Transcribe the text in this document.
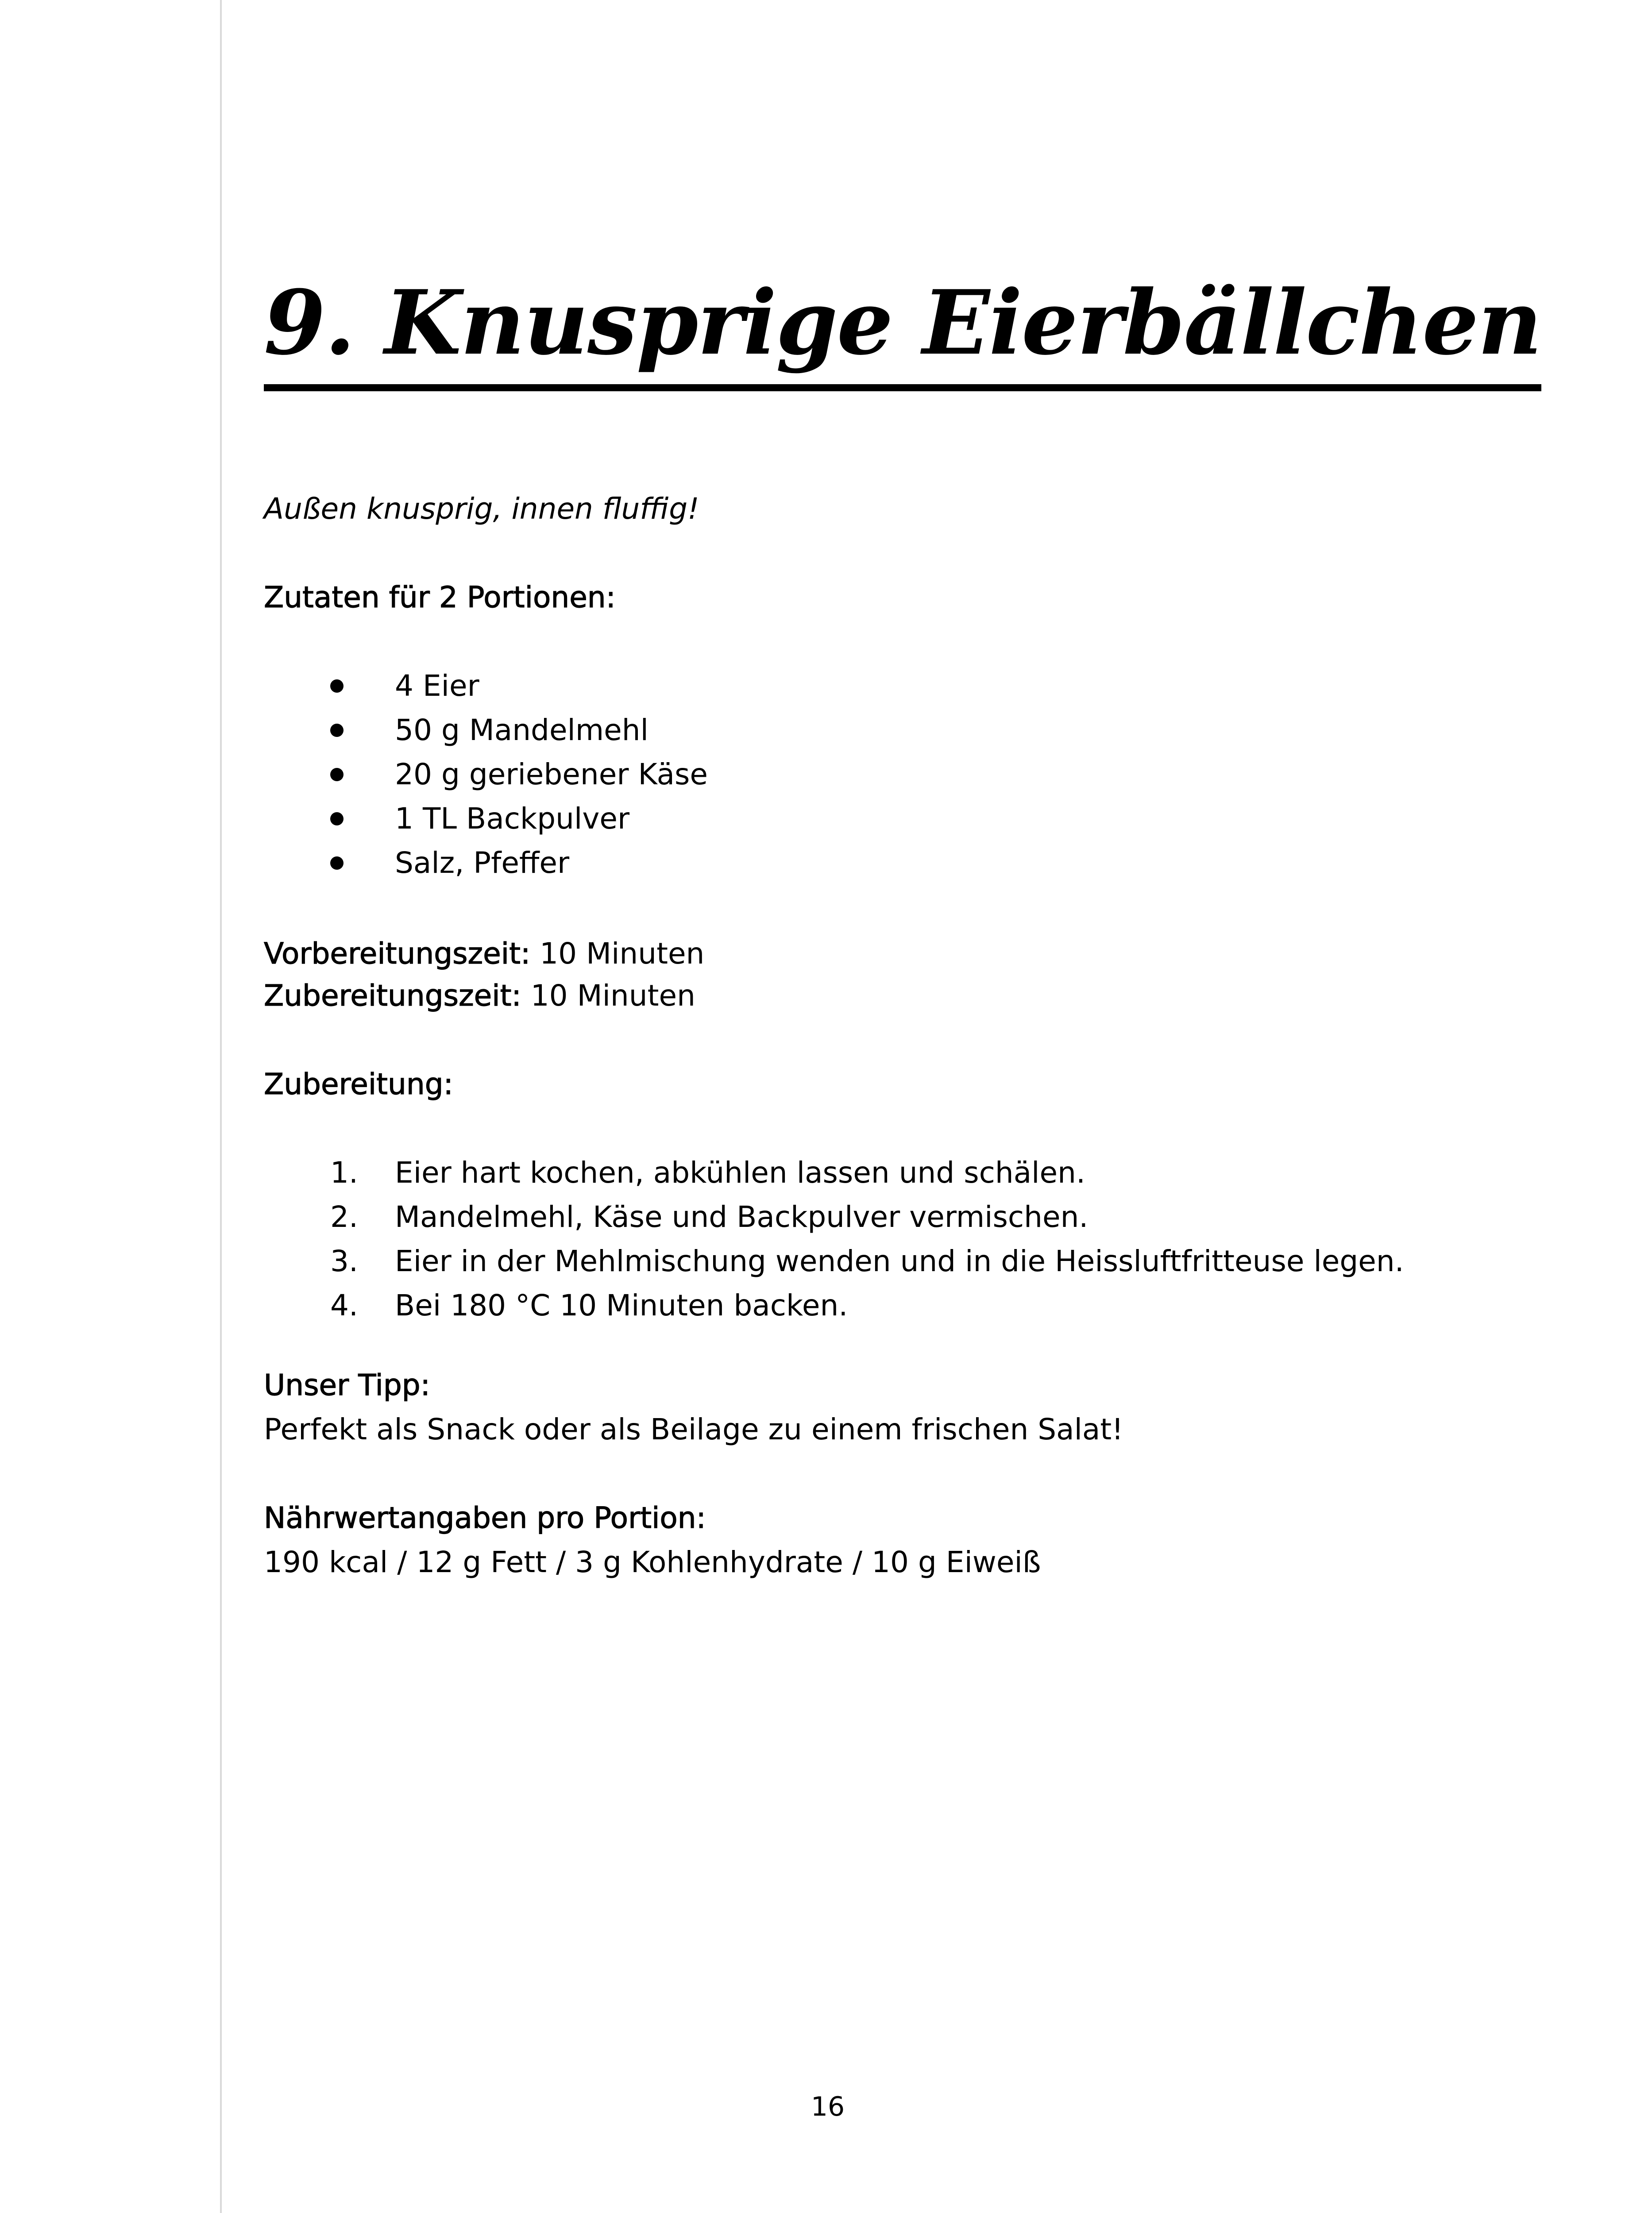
9. Knusprige Eierbällchen
Außen knusprig, innen fluffig!
Zutaten für 2 Portionen:
4 Eier
50 g Mandelmehl
20 g geriebener Käse
1 TL Backpulver
Salz, Pfeffer
Vorbereitungszeit: 10 Minuten
Zubereitungszeit: 10 Minuten
Zubereitung:
1. Eier hart kochen, abkühlen lassen und schälen.
2. Mandelmehl, Käse und Backpulver vermischen.
3. Eier in der Mehlmischung wenden und in die Heissluftfritteuse legen.
4. Bei 180 °C 10 Minuten backen.
Unser Tipp:
Perfekt als Snack oder als Beilage zu einem frischen Salat!
Nährwertangaben pro Portion:
190 kcal / 12 g Fett / 3 g Kohlenhydrate / 10 g Eiweiß
16
